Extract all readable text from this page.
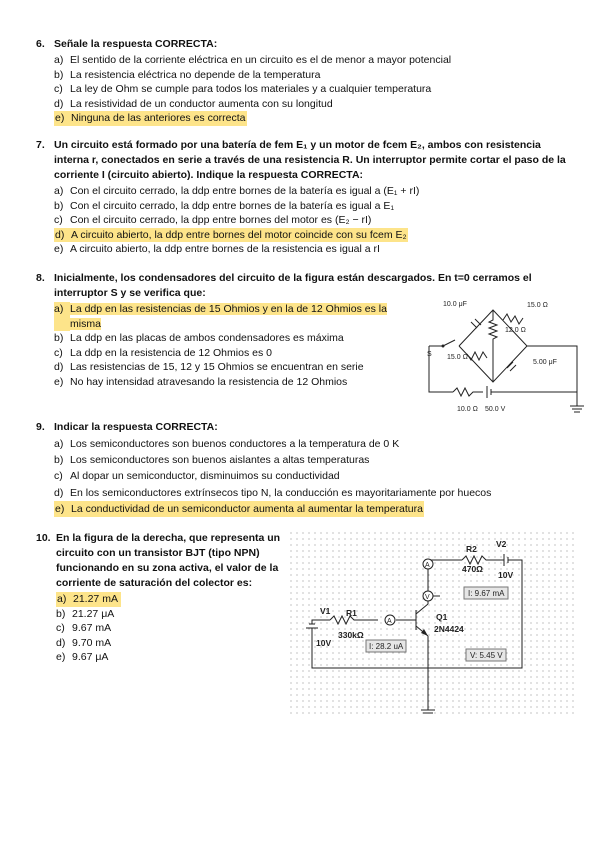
6. Señale la respuesta CORRECTA:
a) El sentido de la corriente eléctrica en un circuito es el de menor a mayor potencial
b) La resistencia eléctrica no depende de la temperatura
c) La ley de Ohm se cumple para todos los materiales y a cualquier temperatura
d) La resistividad de un conductor aumenta con su longitud
e) Ninguna de las anteriores es correcta
7. Un circuito está formado por una batería de fem E₁ y un motor de fcem E₂, ambos con resistencia interna r, conectados en serie a través de una resistencia R. Un interruptor permite cortar el paso de la corriente I (circuito abierto). Indique la respuesta CORRECTA:
a) Con el circuito cerrado, la ddp entre bornes de la batería es igual a (E₁ + rI)
b) Con el circuito cerrado, la ddp entre bornes de la batería es igual a E₁
c) Con el circuito cerrado, la dpp entre bornes del motor es (E₂ − rI)
d) A circuito abierto, la ddp entre bornes del motor coincide con su fcem E₂
e) A circuito abierto, la ddp entre bornes de la resistencia es igual a rI
8. Inicialmente, los condensadores del circuito de la figura están descargados. En t=0 cerramos el interruptor S y se verifica que:
a) La ddp en las resistencias de 15 Ohmios y en la de 12 Ohmios es la misma
b) La ddp en las placas de ambos condensadores es máxima
c) La ddp en la resistencia de 12 Ohmios es 0
d) Las resistencias de 15, 12 y 15 Ohmios se encuentran en serie
e) No hay intensidad atravesando la resistencia de 12 Ohmios
10.0 μF	15.0 Ω
12.0 Ω
S 15.0 Ω
5.00 μF
10.0 Ω 50.0 V
9. Indicar la respuesta CORRECTA:
a) Los semiconductores son buenos conductores a la temperatura de 0 K
b) Los semiconductores son buenos aislantes a altas temperaturas
c) Al dopar un semiconductor, disminuimos su conductividad
d) En los semiconductores extrínsecos tipo N, la conducción es mayoritariamente por huecos
e) La conductividad de un semiconductor aumenta al aumentar la temperatura
10. En la figura de la derecha, que representa un circuito con un transistor BJT (tipo NPN) funcionando en su zona activa, el valor de la corriente de saturación del colector es:
a) 21.27 mA
b) 21.27 μA
c) 9.67 mA
d) 9.70 mA
e) 9.67 μA
A
V
A
I: 9.67 mA
I: 28.2 uA
V: 5.45 V
R2
470Ω
V2
10V
V1
10V
R1
330kΩ
Q1
2N4424
